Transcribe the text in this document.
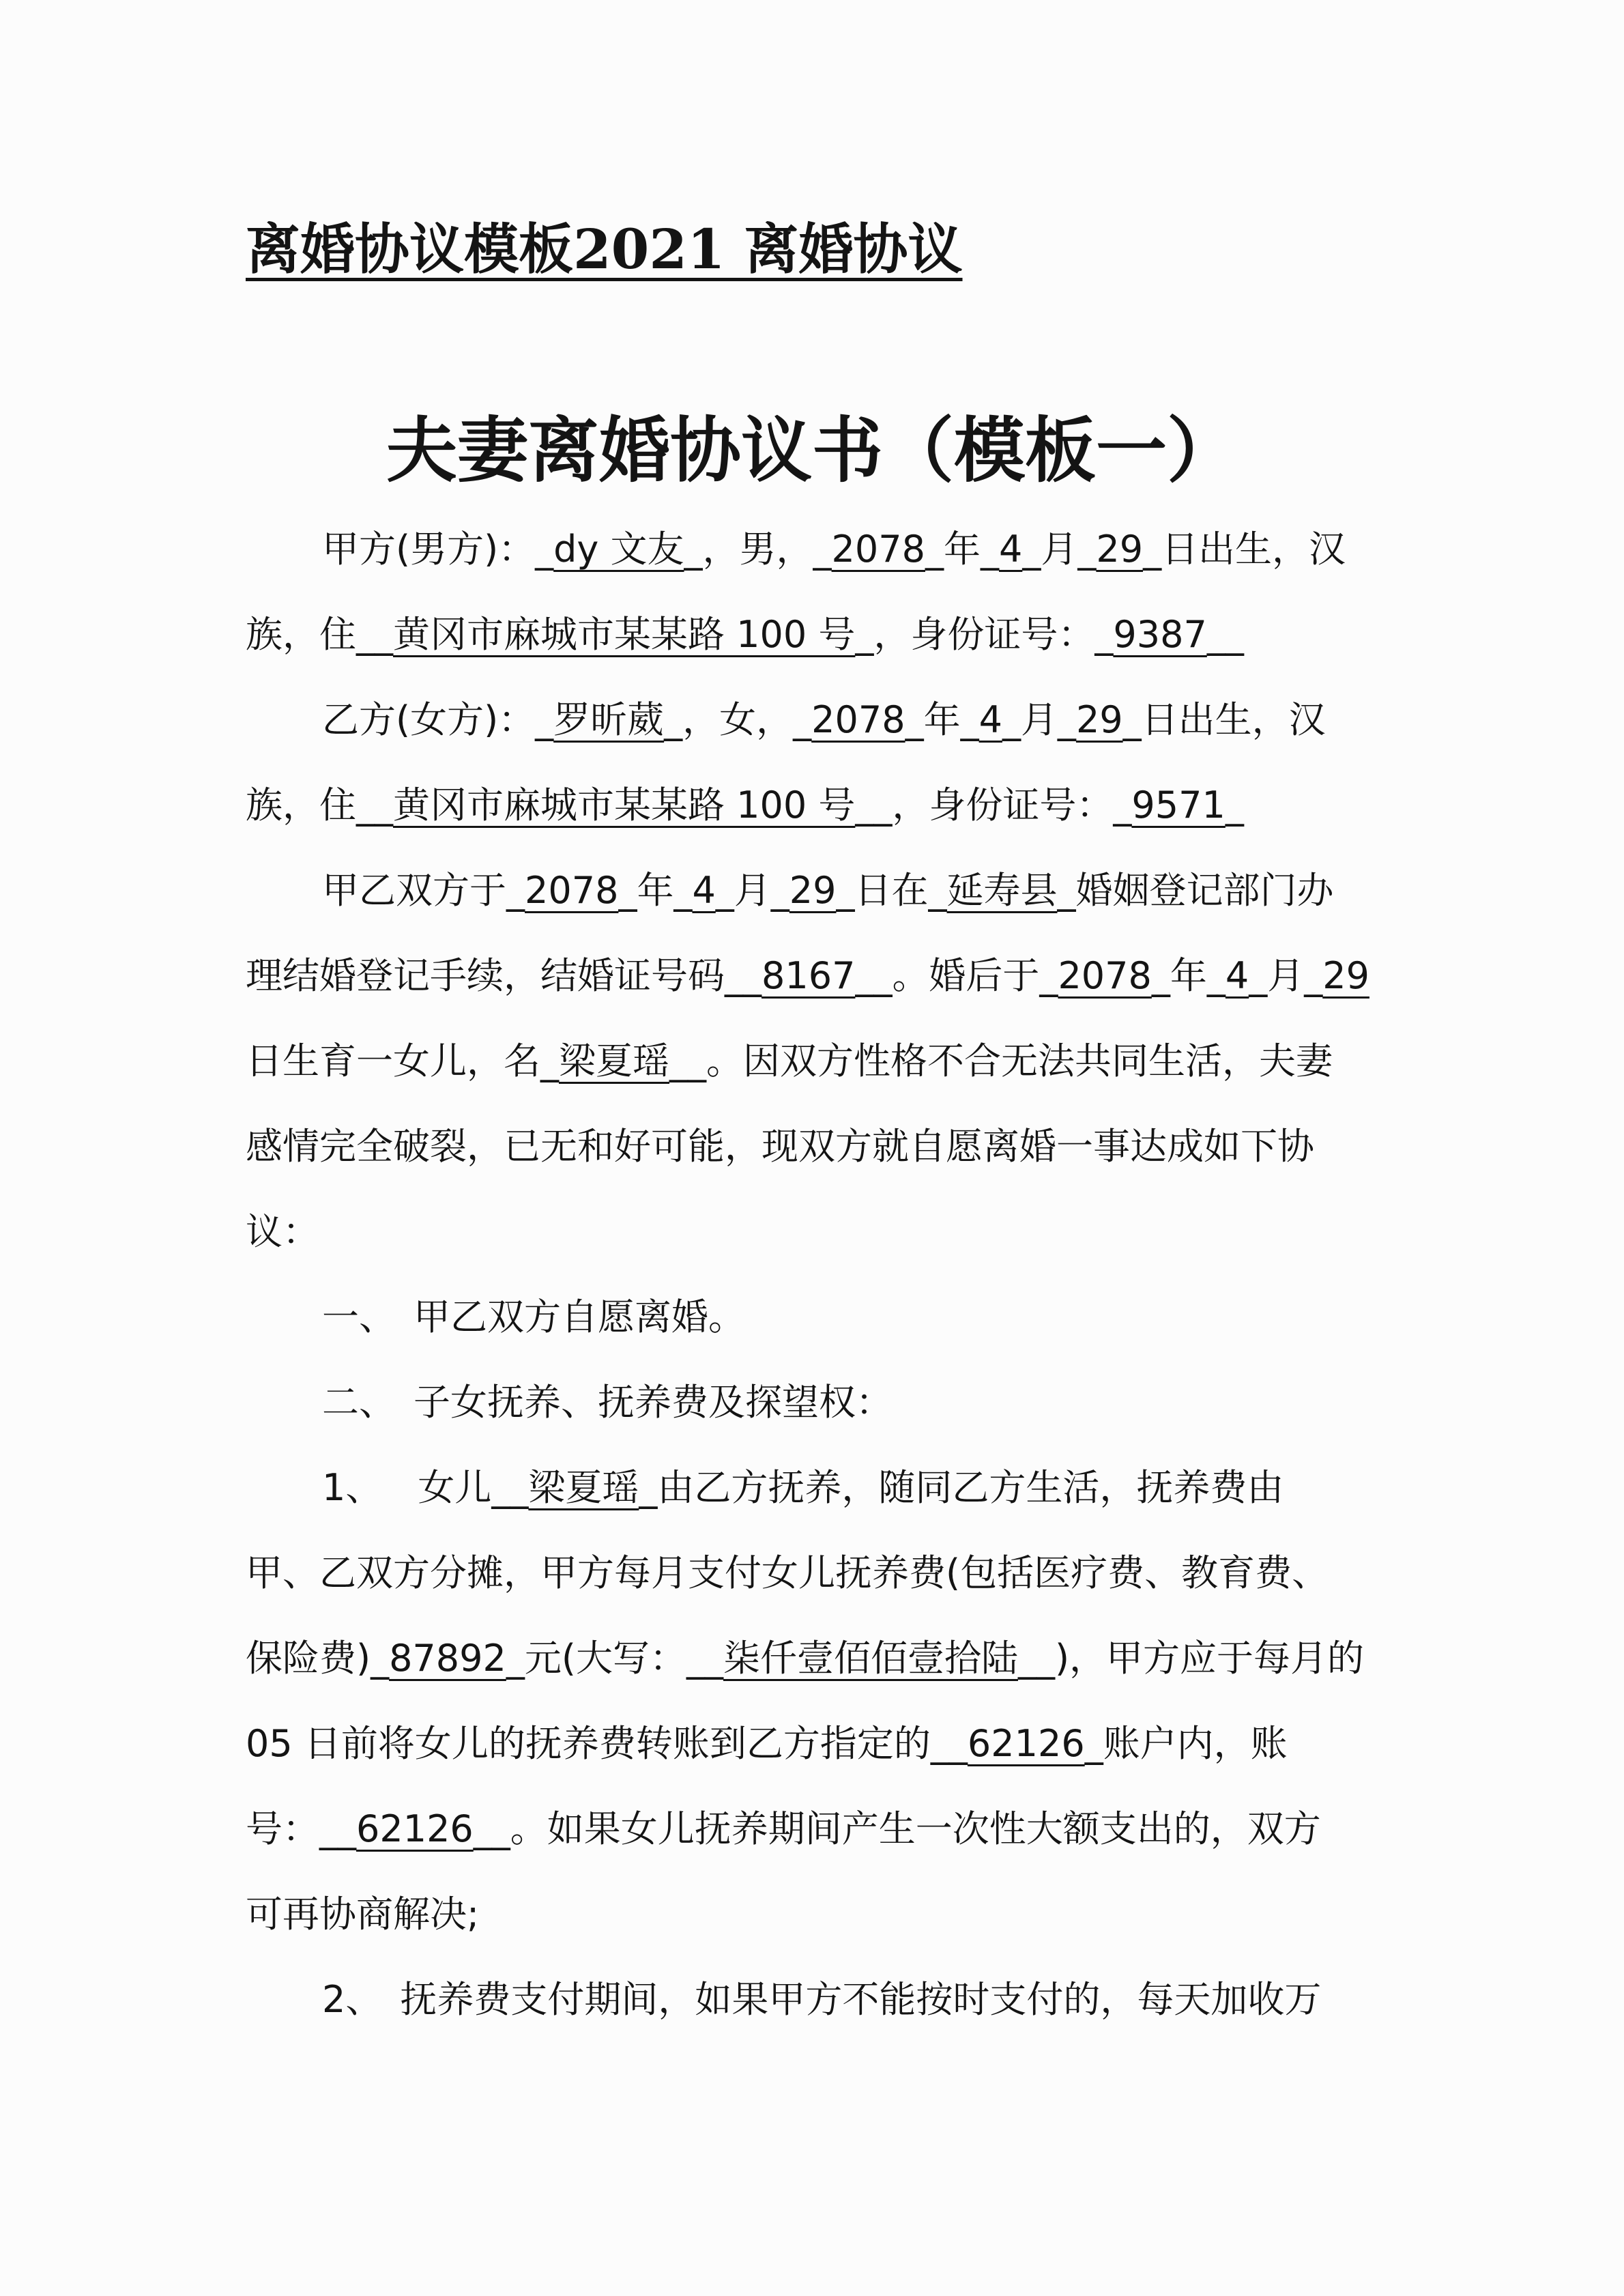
离婚协议模板2021 离婚协议
夫妻离婚协议书（模板一）
甲方(男方)：_dy 文友_，男，_2078_年_4_月_29_日出生，汉
族，住__黄冈市麻城市某某路 100 号_，身份证号：_9387__
乙方(女方)：_罗昕葳_，女，_2078_年_4_月_29_日出生，汉
族，住__黄冈市麻城市某某路 100 号__，身份证号：_9571_
甲乙双方于_2078_年_4_月_29_日在_延寿县_婚姻登记部门办
理结婚登记手续，结婚证号码__8167__。婚后于_2078_年_4_月_29
日生育一女儿，名_梁夏瑶__。因双方性格不合无法共同生活，夫妻
感情完全破裂，已无和好可能，现双方就自愿离婚一事达成如下协
议：
一、 甲乙双方自愿离婚。
二、 子女抚养、抚养费及探望权：
1、 女儿__梁夏瑶_由乙方抚养，随同乙方生活，抚养费由
甲、乙双方分摊，甲方每月支付女儿抚养费(包括医疗费、教育费、
保险费)_87892_元(大写：__柒仟壹佰佰壹拾陆__)，甲方应于每月的
05 日前将女儿的抚养费转账到乙方指定的__62126_账户内，账
号：__62126__。如果女儿抚养期间产生一次性大额支出的，双方
可再协商解决;
2、 抚养费支付期间，如果甲方不能按时支付的，每天加收万
